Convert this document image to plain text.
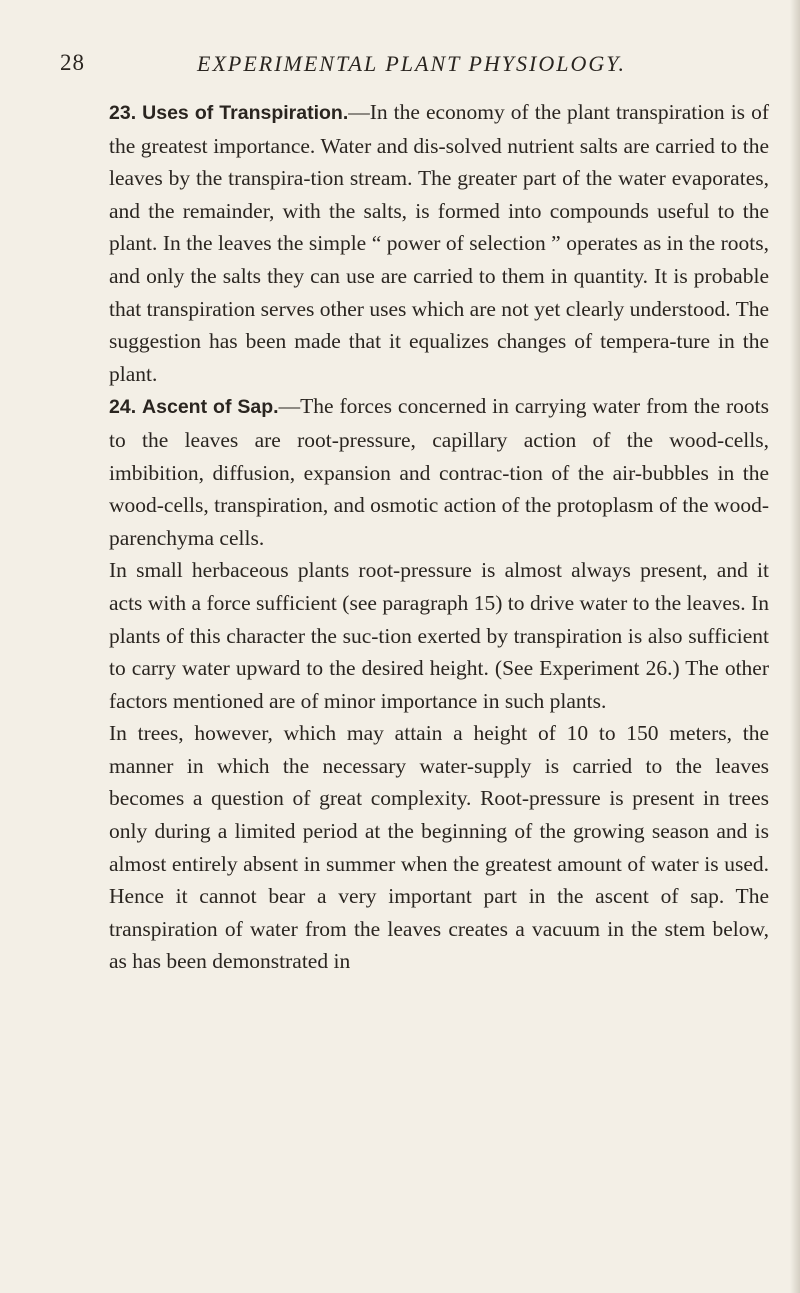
28	EXPERIMENTAL PLANT PHYSIOLOGY.

23. Uses of Transpiration.—In the economy of the plant transpiration is of the greatest importance. Water and dis-solved nutrient salts are carried to the leaves by the transpira-tion stream. The greater part of the water evaporates, and the remainder, with the salts, is formed into compounds useful to the plant. In the leaves the simple “ power of selection ” operates as in the roots, and only the salts they can use are carried to them in quantity. It is probable that transpiration serves other uses which are not yet clearly understood. The suggestion has been made that it equalizes changes of tempera-ture in the plant.

24. Ascent of Sap.—The forces concerned in carrying water from the roots to the leaves are root-pressure, capillary action of the wood-cells, imbibition, diffusion, expansion and contrac-tion of the air-bubbles in the wood-cells, transpiration, and osmotic action of the protoplasm of the wood-parenchyma cells.

In small herbaceous plants root-pressure is almost always present, and it acts with a force sufficient (see paragraph 15) to drive water to the leaves. In plants of this character the suc-tion exerted by transpiration is also sufficient to carry water upward to the desired height. (See Experiment 26.) The other factors mentioned are of minor importance in such plants.

In trees, however, which may attain a height of 10 to 150 meters, the manner in which the necessary water-supply is carried to the leaves becomes a question of great complexity. Root-pressure is present in trees only during a limited period at the beginning of the growing season and is almost entirely absent in summer when the greatest amount of water is used. Hence it cannot bear a very important part in the ascent of sap. The transpiration of water from the leaves creates a vacuum in the stem below, as has been demonstrated in
